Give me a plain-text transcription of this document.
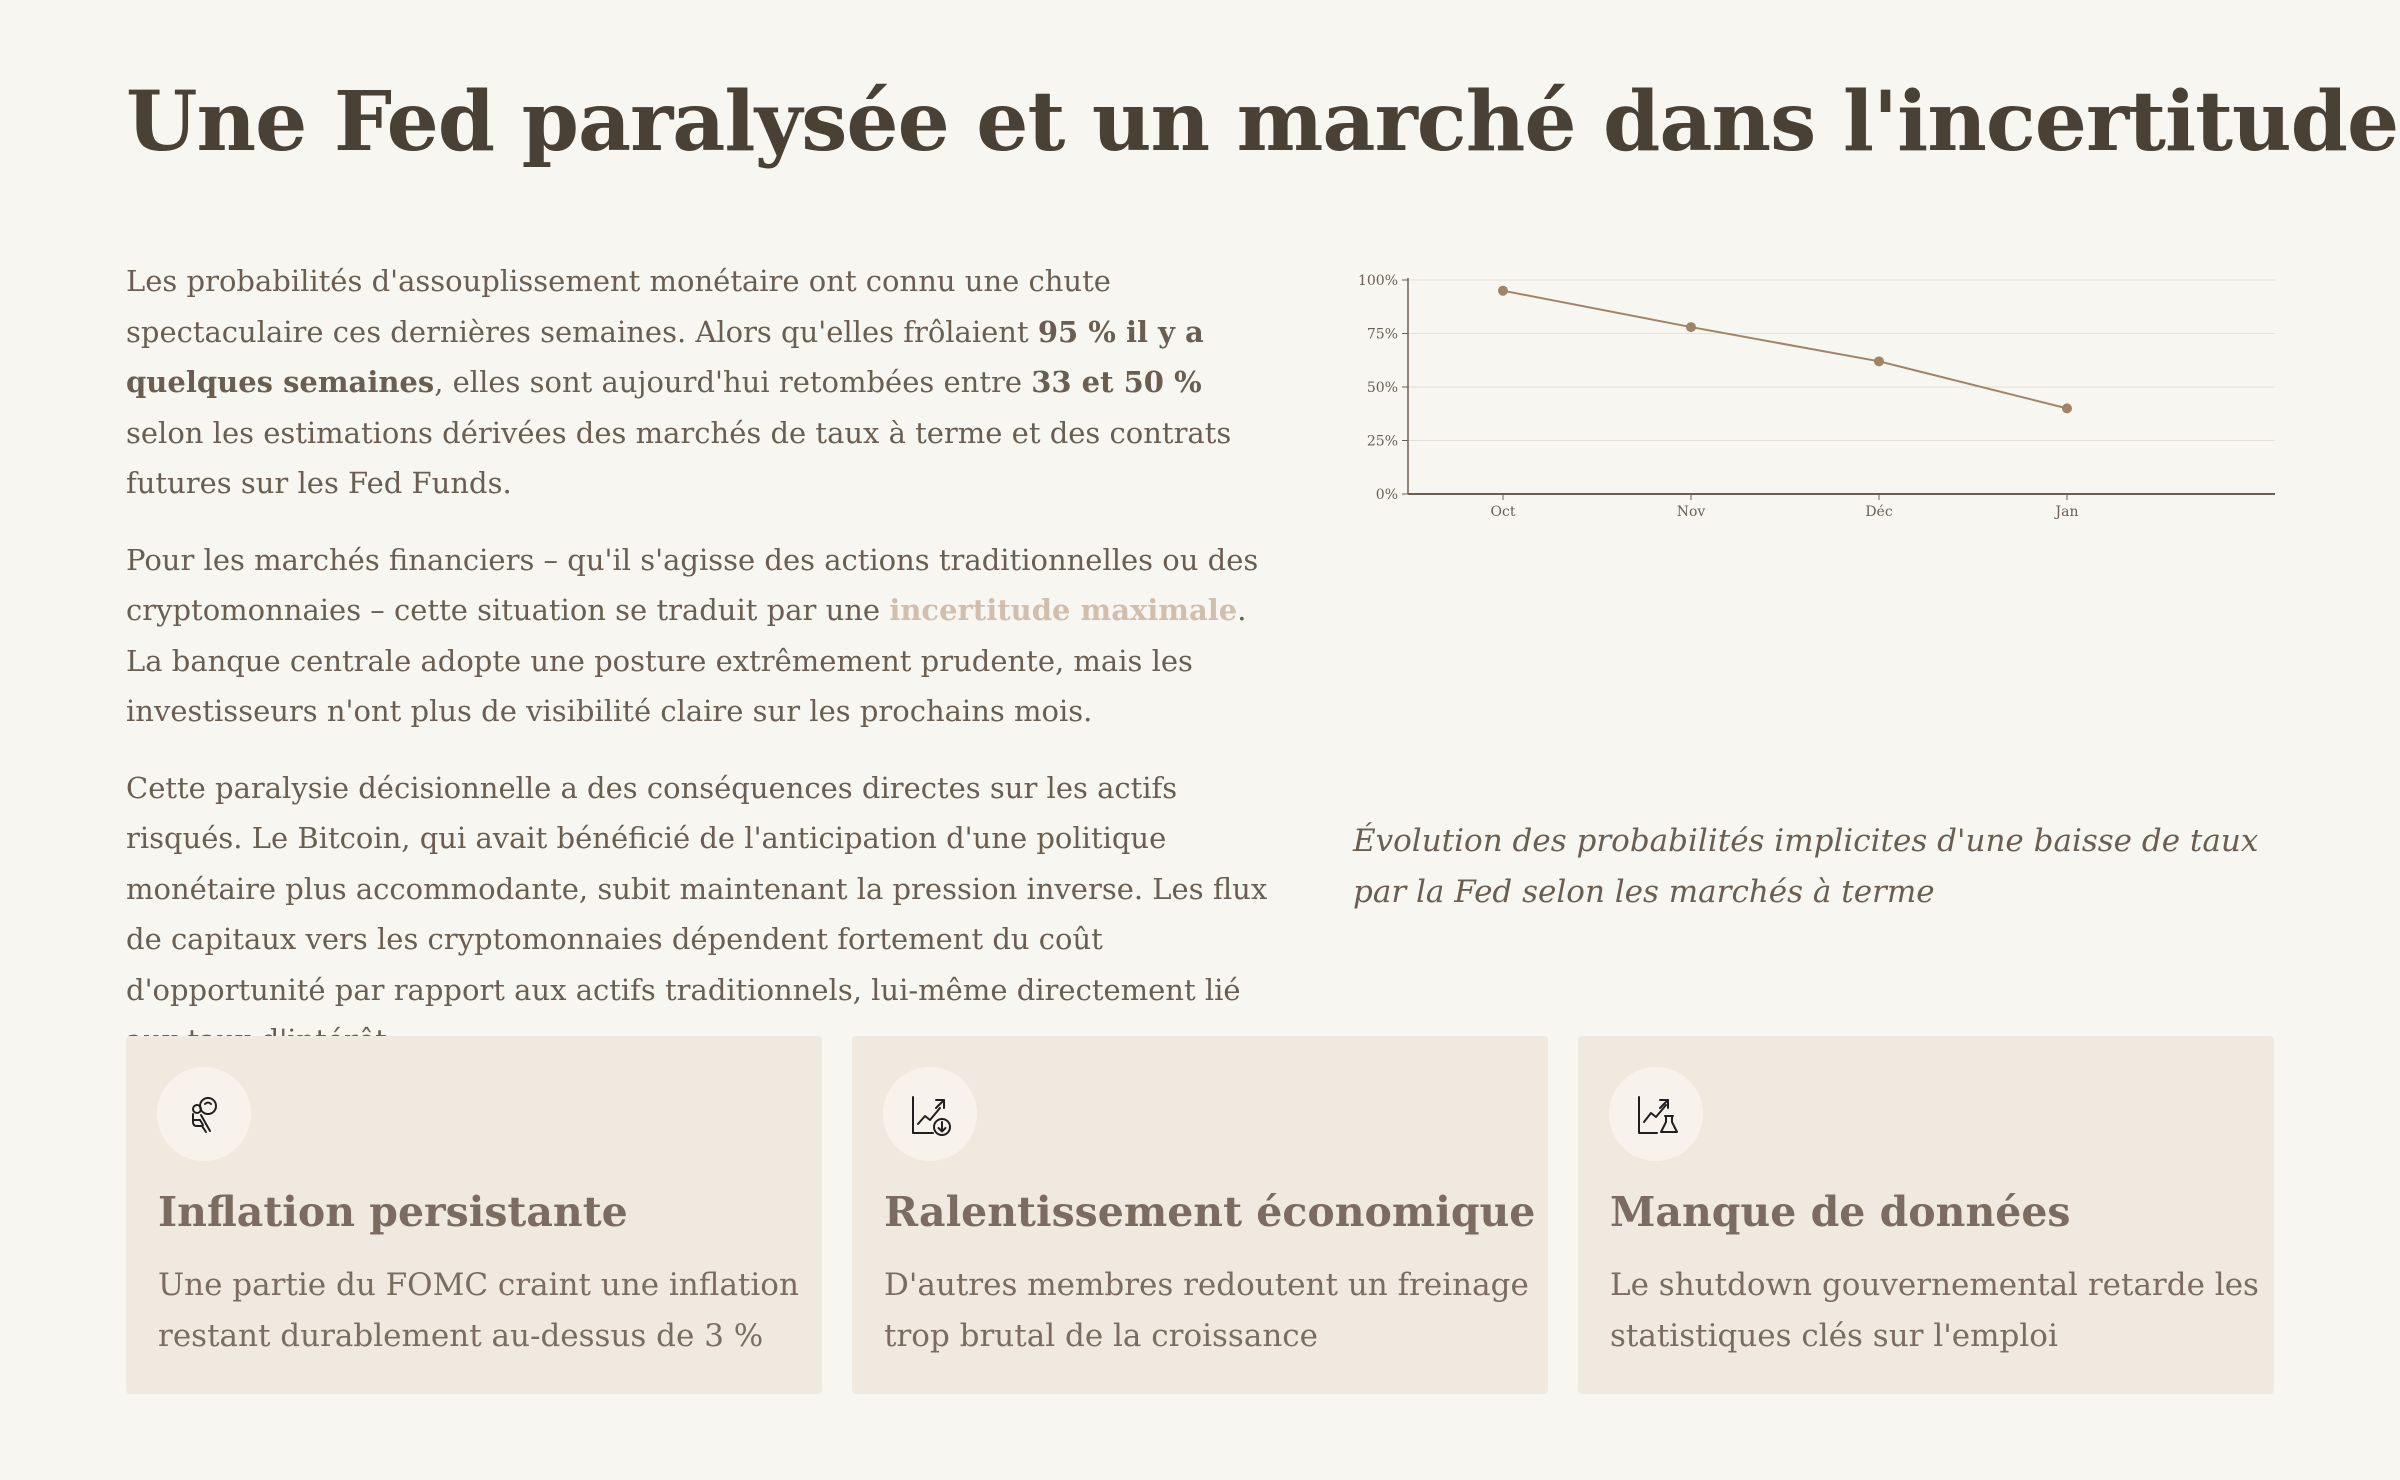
Une Fed paralysée et un marché dans l'incertitude

Les probabilités d'assouplissement monétaire ont connu une chute spectaculaire ces dernières semaines. Alors qu'elles frôlaient 95 % il y a quelques semaines, elles sont aujourd'hui retombées entre 33 et 50 % selon les estimations dérivées des marchés de taux à terme et des contrats futures sur les Fed Funds.

Pour les marchés financiers – qu'il s'agisse des actions traditionnelles ou des cryptomonnaies – cette situation se traduit par une incertitude maximale. La banque centrale adopte une posture extrêmement prudente, mais les investisseurs n'ont plus de visibilité claire sur les prochains mois.

Cette paralysie décisionnelle a des conséquences directes sur les actifs risqués. Le Bitcoin, qui avait bénéficié de l'anticipation d'une politique monétaire plus accommodante, subit maintenant la pression inverse. Les flux de capitaux vers les cryptomonnaies dépendent fortement du coût d'opportunité par rapport aux actifs traditionnels, lui-même directement lié

0%
25%
50%
75%
100%
Oct	Nov	Déc	Jan

Évolution des probabilités implicites d'une baisse de taux par la Fed selon les marchés à terme

Inflation persistante

Une partie du FOMC craint une inflation restant durablement au-dessus de 3 %

Ralentissement économique

D'autres membres redoutent un freinage trop brutal de la croissance

Manque de données

Le shutdown gouvernemental retarde les statistiques clés sur l'emploi
